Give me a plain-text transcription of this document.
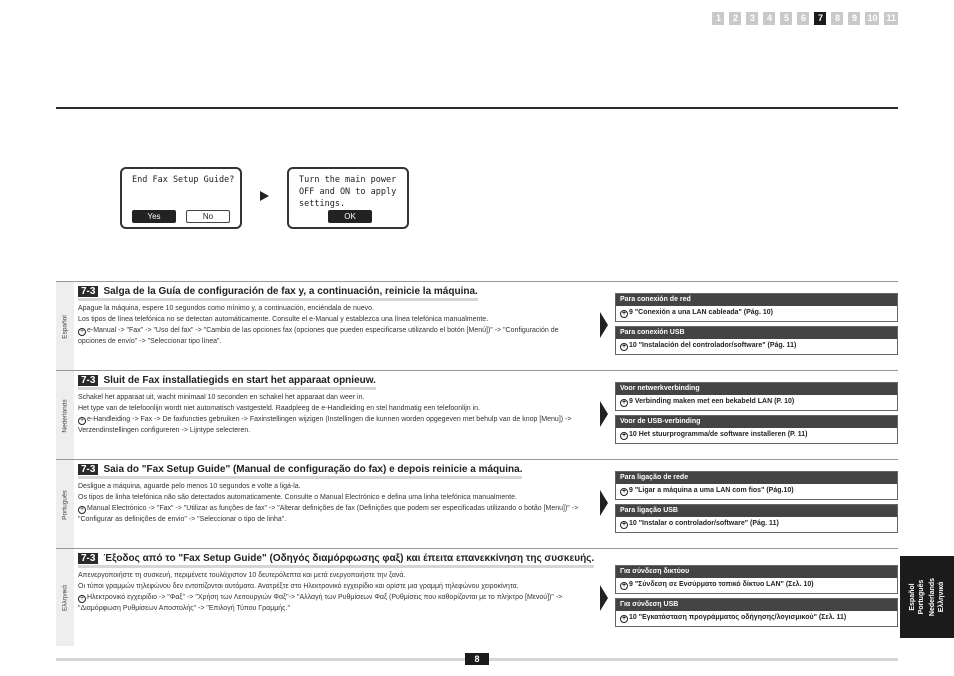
1	2	3	4	5	6	7	8	9	10 11
End Fax Setup Guide?
Yes	No
Turn the main power
OFF and ON to apply
settings.
OK
Español
7-3 Salga de la Guía de configuración de fax y, a continuación, reinicie la máquina.

Apague la máquina, espere 10 segundos como mínimo y, a continuación, enciéndala de nuevo.

Los tipos de línea telefónica no se detectan automáticamente. Consulte el e-Manual y establezca una línea telefónica manualmente.

+ e-Manual -> "Fax" -> "Uso del fax" -> "Cambio de las opciones fax (opciones que pueden especificarse utilizando el botón [Menú])" -> "Configuración de opciones de envío" -> "Seleccionar tipo línea".

Para conexión de red
+ 9 "Conexión a una LAN cableada" (Pág. 10)
Para conexión USB
+ 10 "Instalación del controlador/software" (Pág. 11)
Nederlands
7-3 Sluit de Fax installatiegids en start het apparaat opnieuw.

Schakel het apparaat uit, wacht minimaal 10 seconden en schakel het apparaat dan weer in.

Het type van de telefoonlijn wordt niet automatisch vastgesteld. Raadpleeg de e-Handleiding en stel handmatig een telefoonlijn in.

+ e-Handleiding -> Fax -> De faxfuncties gebruiken -> Faxinstellingen wijzigen (Instellingen die kunnen worden opgegeven met behulp van de knop [Menu]) -> Verzendinstellingen configureren -> Lijntype selecteren.

Voor netwerkverbinding
+ 9 Verbinding maken met een bekabeld LAN (P. 10)
Voor de USB-verbinding
+ 10 Het stuurprogramma/de software installeren (P. 11)
Português
7-3 Saia do "Fax Setup Guide" (Manual de configuração do fax) e depois reinicie a máquina.

Desligue a máquina, aguarde pelo menos 10 segundos e volte a ligá-la.

Os tipos de linha telefónica não são detectados automaticamente. Consulte o Manual Electrónico e defina uma linha telefónica manualmente.

+ Manual Electrónico -> "Fax" -> "Utilizar as funções de fax" -> "Alterar definições de fax (Definições que podem ser especificadas utilizando o botão [Menu])" -> "Configurar as definições de envio" -> "Seleccionar o tipo de linha".

Para ligação de rede
+ 9 "Ligar a máquina a uma LAN com fios" (Pág.10)
Para ligação USB
+ 10 "Instalar o controlador/software" (Pág. 11)
Ελληνικά
7-3 Έξοδος από το "Fax Setup Guide" (Οδηγός διαμόρφωσης φαξ) και έπειτα επανεκκίνηση της συσκευής.

Απενεργοποιήστε τη συσκευή, περιμένετε τουλάχιστον 10 δευτερόλεπτα και μετά ενεργοποιήστε την ξανά.

Οι τύποι γραμμών τηλεφώνου δεν εντοπίζονται αυτόματα. Ανατρέξτε στο Ηλεκτρονικό εγχειρίδιο και ορίστε μια γραμμή τηλεφώνου χειροκίνητα.

+ Ηλεκτρονικό εγχειρίδιο -> "Φαξ" -> "Χρήση των Λειτουργιών Φαξ"-> "Αλλαγή των Ρυθμίσεων Φαξ (Ρυθμίσεις που καθορίζονται με το πλήκτρο [Μενού])" -> "Διαμόρφωση Ρυθμίσεων Αποστολής" -> "Επιλογή Τύπου Γραμμής."

Για σύνδεση δικτύου
+ 9 "Σύνδεση σε Ενσύρματο τοπικό δίκτυο LAN" (Σελ. 10)
Για σύνδεση USB
+ 10 "Εγκατάσταση προγράμματος οδήγησης/λογισμικού" (Σελ. 11)
8
Español Português Nederlands Ελληνικά
